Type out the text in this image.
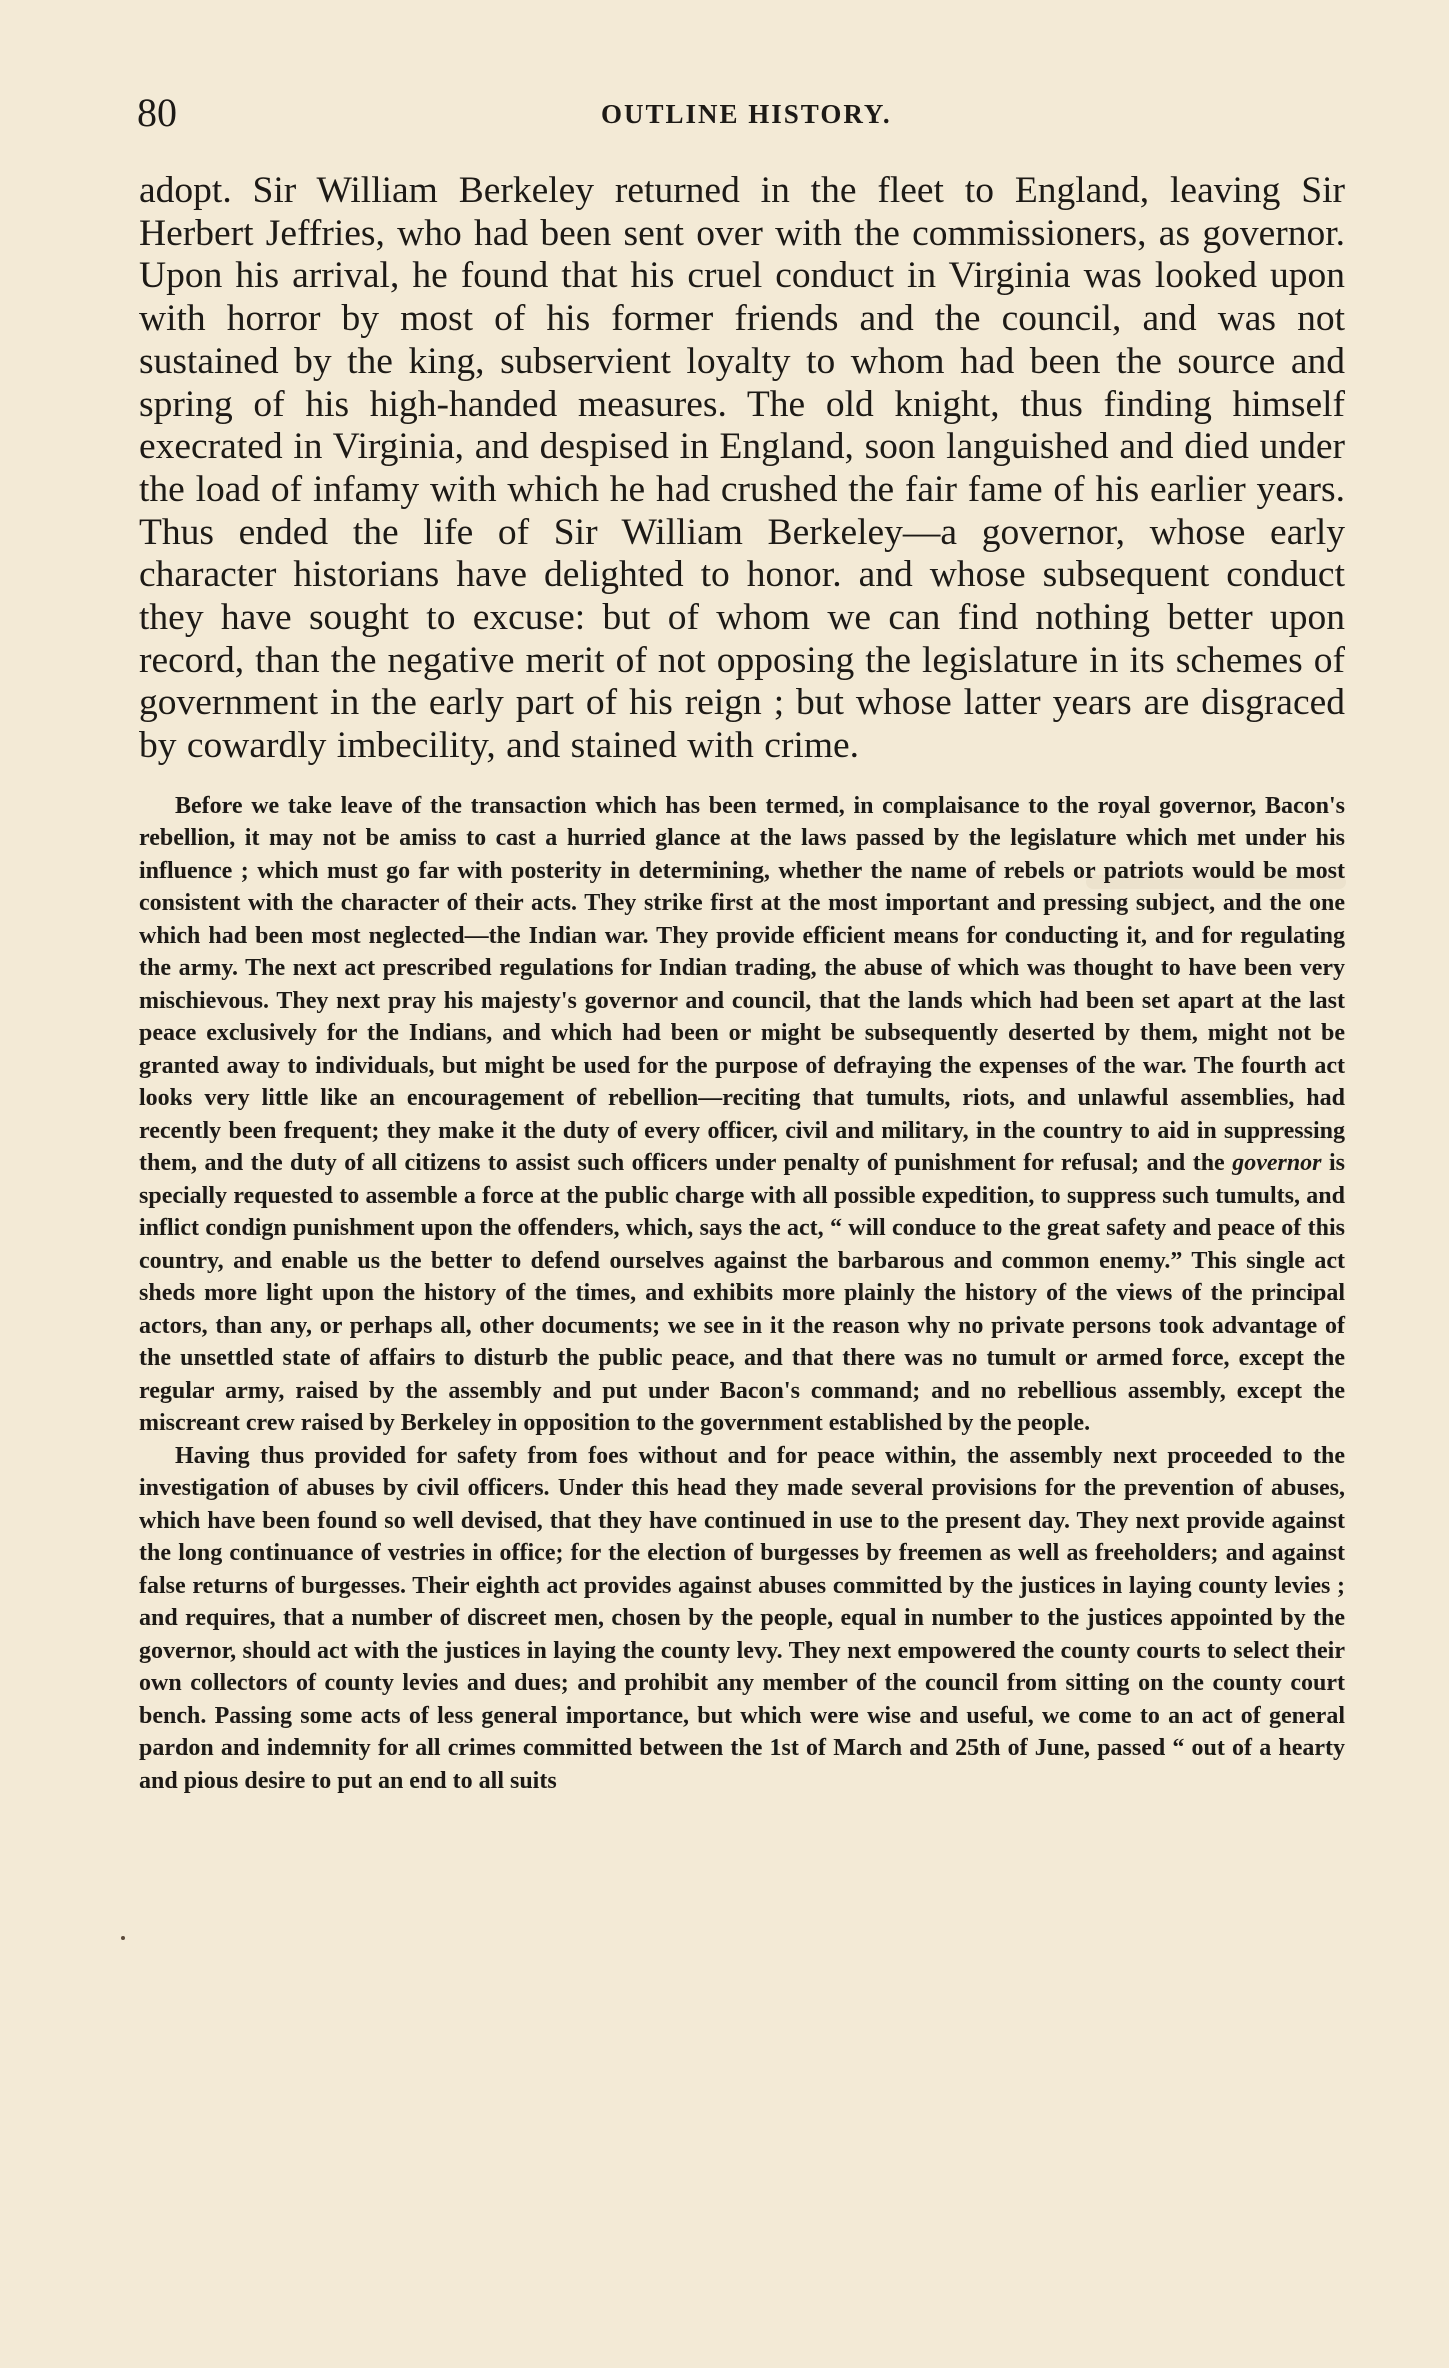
80	OUTLINE HISTORY.

adopt. Sir William Berkeley returned in the fleet to England, leaving Sir Herbert Jeffries, who had been sent over with the commissioners, as governor. Upon his arrival, he found that his cruel conduct in Virginia was looked upon with horror by most of his former friends and the council, and was not sustained by the king, subservient loyalty to whom had been the source and spring of his high-handed measures. The old knight, thus finding himself execrated in Virginia, and despised in England, soon languished and died under the load of infamy with which he had crushed the fair fame of his earlier years. Thus ended the life of Sir William Berkeley—a governor, whose early character historians have delighted to honor. and whose subsequent conduct they have sought to excuse: but of whom we can find nothing better upon record, than the negative merit of not opposing the legislature in its schemes of government in the early part of his reign ; but whose latter years are disgraced by cowardly imbecility, and stained with crime.

Before we take leave of the transaction which has been termed, in complaisance to the royal governor, Bacon's rebellion, it may not be amiss to cast a hurried glance at the laws passed by the legislature which met under his influence ; which must go far with posterity in determining, whether the name of rebels or patriots would be most consistent with the character of their acts. They strike first at the most important and pressing subject, and the one which had been most neglected—the Indian war. They provide efficient means for conducting it, and for regulating the army. The next act prescribed regulations for Indian trading, the abuse of which was thought to have been very mischievous. They next pray his majesty's governor and council, that the lands which had been set apart at the last peace exclusively for the Indians, and which had been or might be subsequently deserted by them, might not be granted away to individuals, but might be used for the purpose of defraying the expenses of the war. The fourth act looks very little like an encouragement of rebellion—reciting that tumults, riots, and unlawful assemblies, had recently been frequent; they make it the duty of every officer, civil and military, in the country to aid in suppressing them, and the duty of all citizens to assist such officers under penalty of punishment for refusal; and the governor is specially requested to assemble a force at the public charge with all possible expedition, to suppress such tumults, and inflict condign punishment upon the offenders, which, says the act, “ will conduce to the great safety and peace of this country, and enable us the better to defend ourselves against the barbarous and common enemy.” This single act sheds more light upon the history of the times, and exhibits more plainly the history of the views of the principal actors, than any, or perhaps all, other documents; we see in it the reason why no private persons took advantage of the unsettled state of affairs to disturb the public peace, and that there was no tumult or armed force, except the regular army, raised by the assembly and put under Bacon's command; and no rebellious assembly, except the miscreant crew raised by Berkeley in opposition to the government established by the people.

Having thus provided for safety from foes without and for peace within, the assembly next proceeded to the investigation of abuses by civil officers. Under this head they made several provisions for the prevention of abuses, which have been found so well devised, that they have continued in use to the present day. They next provide against the long continuance of vestries in office; for the election of burgesses by freemen as well as freeholders; and against false returns of burgesses. Their eighth act provides against abuses committed by the justices in laying county levies ; and requires, that a number of discreet men, chosen by the people, equal in number to the justices appointed by the governor, should act with the justices in laying the county levy. They next empowered the county courts to select their own collectors of county levies and dues; and prohibit any member of the council from sitting on the county court bench. Passing some acts of less general importance, but which were wise and useful, we come to an act of general pardon and indemnity for all crimes committed between the 1st of March and 25th of June, passed “ out of a hearty and pious desire to put an end to all suits
